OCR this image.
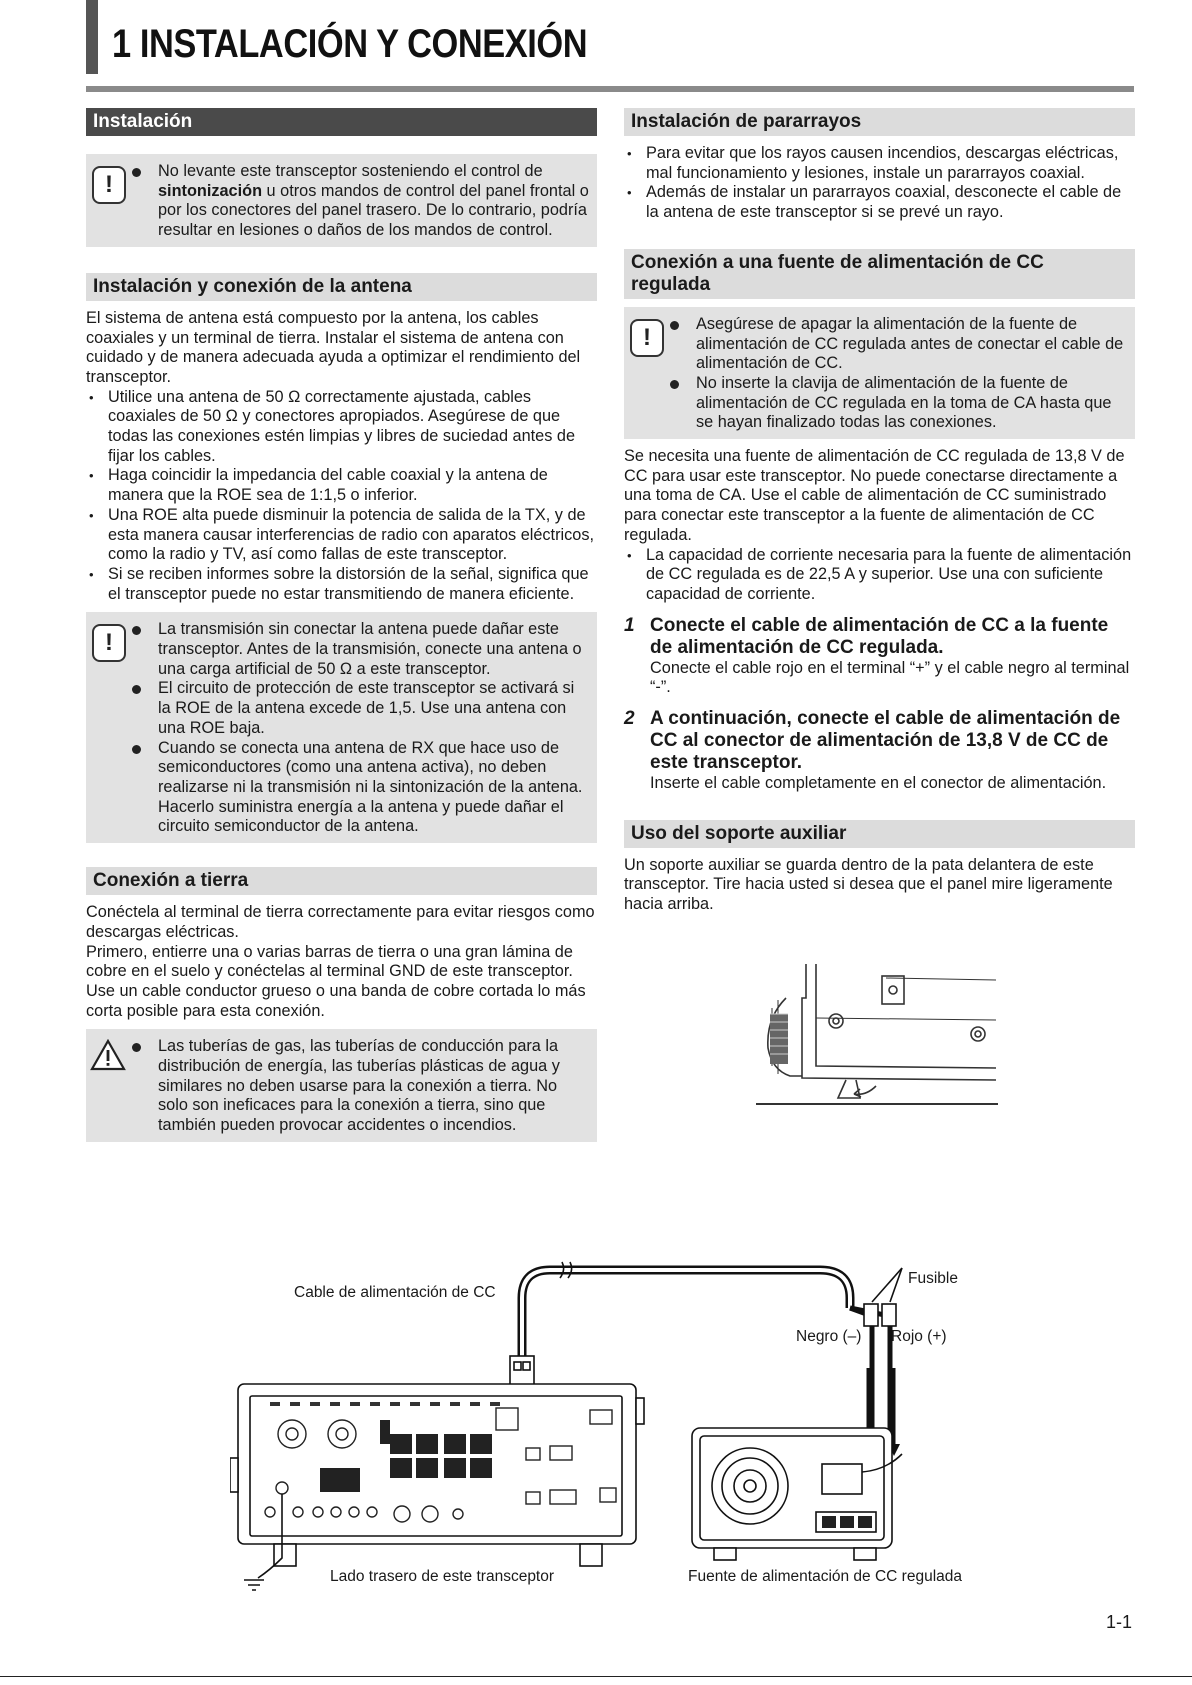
1 INSTALACIÓN Y CONEXIÓN
Instalación
!	No levante este transceptor sosteniendo el control de sintonización u otros mandos de control del panel frontal o por los conectores del panel trasero. De lo contrario, podría resultar en lesiones o daños de los mandos de control.
Instalación y conexión de la antena

El sistema de antena está compuesto por la antena, los cables coaxiales y un terminal de tierra. Instalar el sistema de antena con cuidado y de manera adecuada ayuda a optimizar el rendimiento del transceptor.

• Utilice una antena de 50 Ω correctamente ajustada, cables coaxiales de 50 Ω y conectores apropiados. Asegúrese de que todas las conexiones estén limpias y libres de suciedad antes de fijar los cables.
• Haga coincidir la impedancia del cable coaxial y la antena de manera que la ROE sea de 1:1,5 o inferior.
• Una ROE alta puede disminuir la potencia de salida de la TX, y de esta manera causar interferencias de radio con aparatos eléctricos, como la radio y TV, así como fallas de este transceptor.
• Si se reciben informes sobre la distorsión de la señal, significa que el transceptor puede no estar transmitiendo de manera eficiente.
!	La transmisión sin conectar la antena puede dañar este transceptor. Antes de la transmisión, conecte una antena o una carga artificial de 50 Ω a este transceptor.
El circuito de protección de este transceptor se activará si la ROE de la antena excede de 1,5. Use una antena con una ROE baja.
Cuando se conecta una antena de RX que hace uso de semiconductores (como una antena activa), no deben realizarse ni la transmisión ni la sintonización de la antena. Hacerlo suministra energía a la antena y puede dañar el circuito semiconductor de la antena.
Conexión a tierra

Conéctela al terminal de tierra correctamente para evitar riesgos como descargas eléctricas.

Primero, entierre una o varias barras de tierra o una gran lámina de cobre en el suelo y conéctelas al terminal GND de este transceptor. Use un cable conductor grueso o una banda de cobre cortada lo más corta posible para esta conexión.

Las tuberías de gas, las tuberías de conducción para la distribución de energía, las tuberías plásticas de agua y similares no deben usarse para la conexión a tierra. No solo son ineficaces para la conexión a tierra, sino que también pueden provocar accidentes o incendios.
Instalación de pararrayos
• Para evitar que los rayos causen incendios, descargas eléctricas, mal funcionamiento y lesiones, instale un pararrayos coaxial.
• Además de instalar un pararrayos coaxial, desconecte el cable de la antena de este transceptor si se prevé un rayo.
Conexión a una fuente de alimentación de CC regulada
!	Asegúrese de apagar la alimentación de la fuente de alimentación de CC regulada antes de conectar el cable de alimentación de CC.
No inserte la clavija de alimentación de la fuente de alimentación de CC regulada en la toma de CA hasta que se hayan finalizado todas las conexiones.

Se necesita una fuente de alimentación de CC regulada de 13,8 V de CC para usar este transceptor. No puede conectarse directamente a una toma de CA. Use el cable de alimentación de CC suministrado para conectar este transceptor a la fuente de alimentación de CC regulada.

• La capacidad de corriente necesaria para la fuente de alimentación de CC regulada es de 22,5 A y superior. Use una con suficiente capacidad de corriente.
1 Conecte el cable de alimentación de CC a la fuente de alimentación de CC regulada.
Conecte el cable rojo en el terminal “+” y el cable negro al terminal “-”.
2 A continuación, conecte el cable de alimentación de CC al conector de alimentación de 13,8 V de CC de este transceptor.
Inserte el cable completamente en el conector de alimentación.
Uso del soporte auxiliar

Un soporte auxiliar se guarda dentro de la pata delantera de este transceptor. Tire hacia usted si desea que el panel mire ligeramente hacia arriba.

Cable de alimentación de CC
Fusible
Negro (–) Rojo (+)
Lado trasero de este transceptor	Fuente de alimentación de CC regulada
1-1
